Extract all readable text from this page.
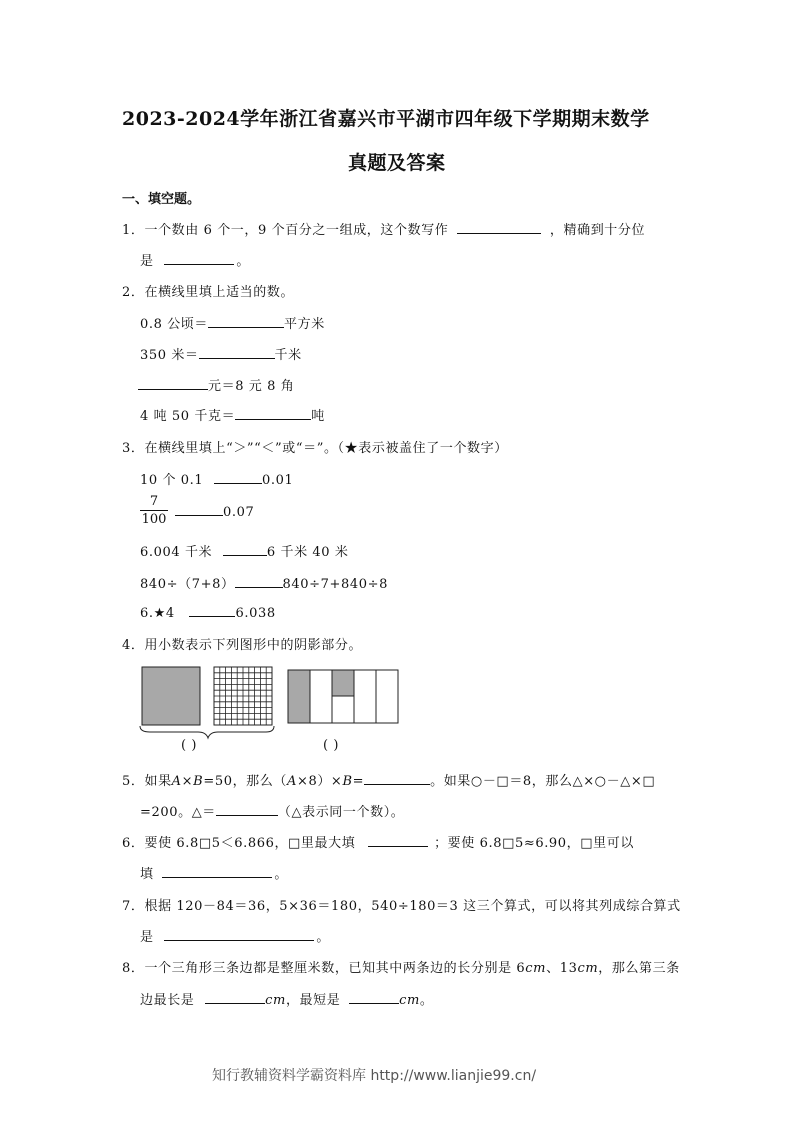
2023-2024学年浙江省嘉兴市平湖市四年级下学期期末数学
真题及答案
一、填空题。
1．一个数由 6 个一，9 个百分之一组成，这个数写作	，精确到十分位
是	。
2．在横线里填上适当的数。
0.8 公顷＝	平方米
350 米＝	千米
元＝8 元 8 角
4 吨 50 千克＝	吨
3．在横线里填上“＞”“＜”或“＝”。（★表示被盖住了一个数字）
10 个 0.1	0.01
$\frac{7}{100}$	0.07
6.004 千米	6 千米 40 米
840÷（7+8）	840÷7+840÷8
6.★4	6.038
4．用小数表示下列图形中的阴影部分。
( )	( )
5．如果A×B=50，那么（A×8）×B=	。如果○－□＝8，那么△×○－△×□
=200。△＝	（△表示同一个数）。
6．要使 6.8□5＜6.866，□里最大填	；要使 6.8□5≈6.90，□里可以
填	。
7．根据 120－84＝36，5×36＝180，540÷180＝3 这三个算式，可以将其列成综合算式
是	。
8．一个三角形三条边都是整厘米数，已知其中两条边的长分别是 6cm、13cm，那么第三条
边最长是	cm，最短是	cm。
知行教辅资料学霸资料库 http://www.lianjie99.cn/
